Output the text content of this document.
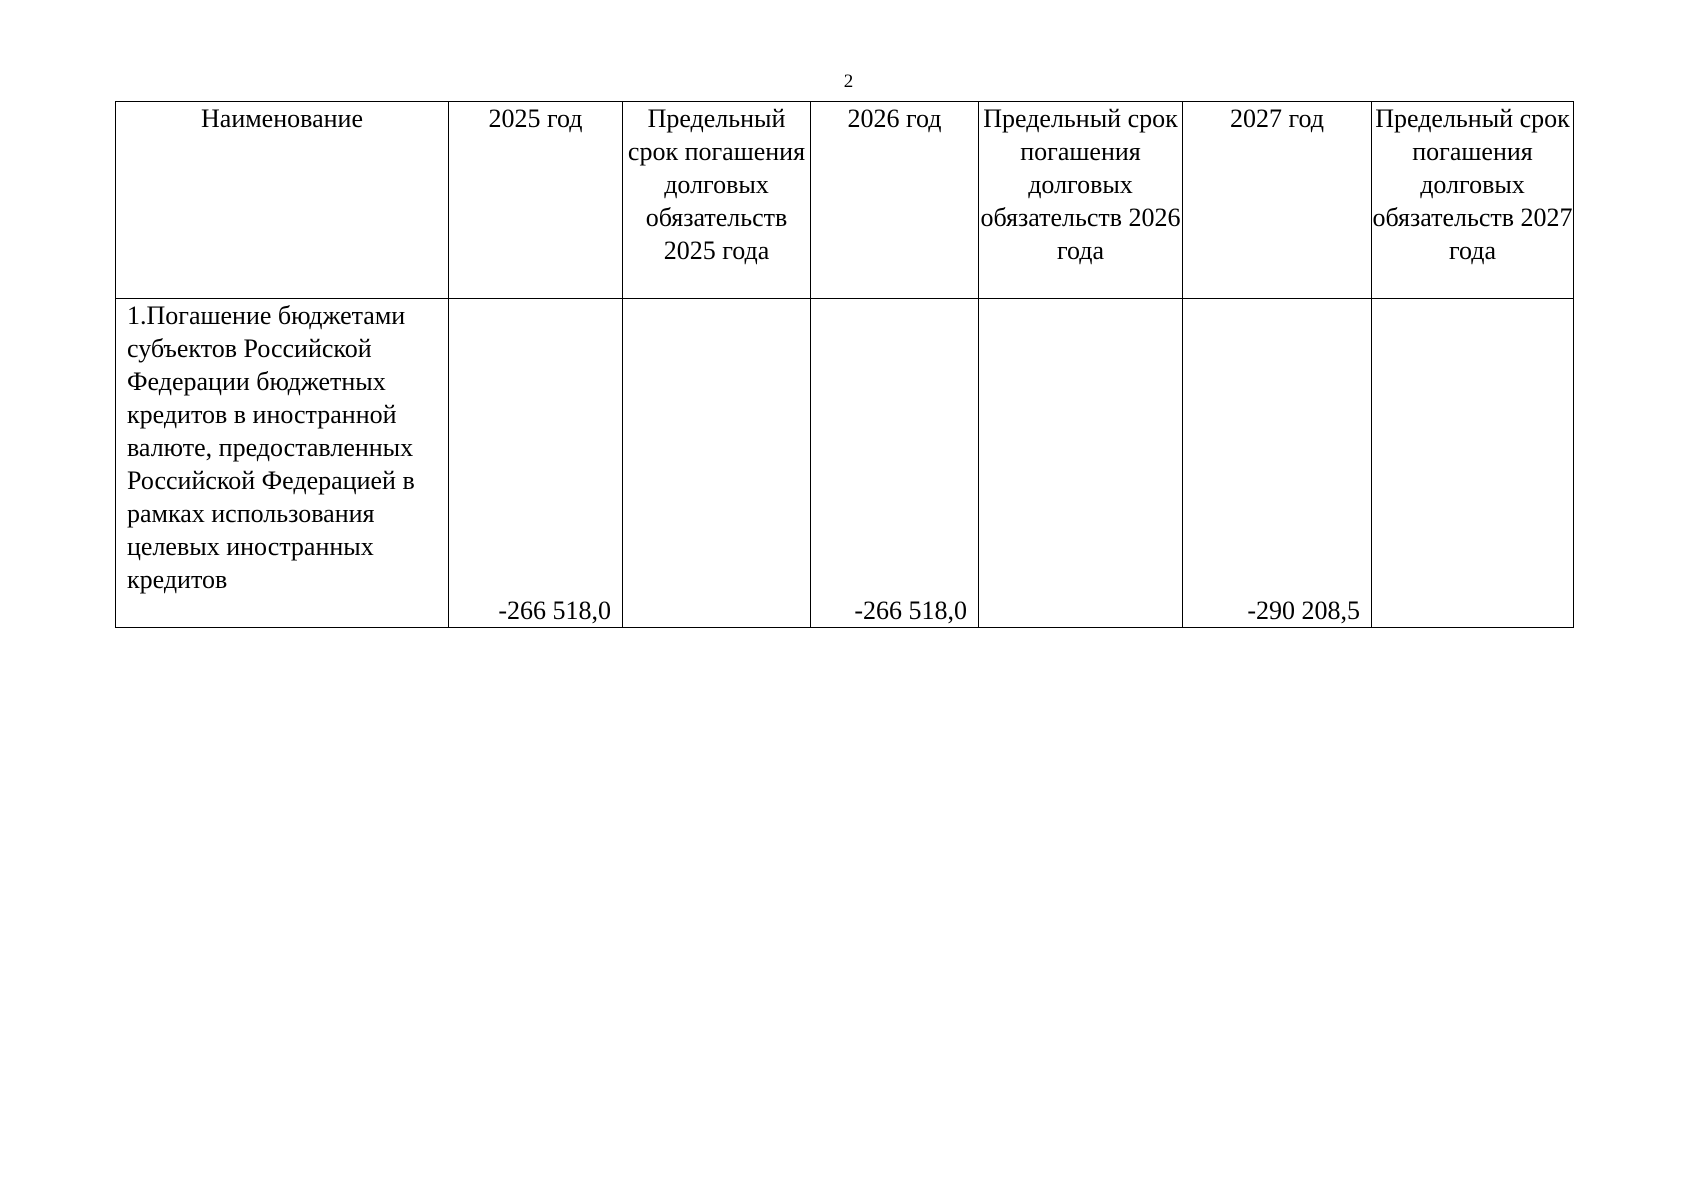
2
Наименование	2025 год	Предельный срок погашения долговых обязательств 2025 года	2026 год	Предельный срок погашения долговых обязательств 2026 года	2027 год	Предельный срок погашения долговых обязательств 2027 года

1.Погашение бюджетами субъектов Российской Федерации бюджетных кредитов в иностранной валюте, предоставленных Российской Федерацией в рамках использования целевых иностранных кредитов	-266 518,0		-266 518,0		-290 208,5	
